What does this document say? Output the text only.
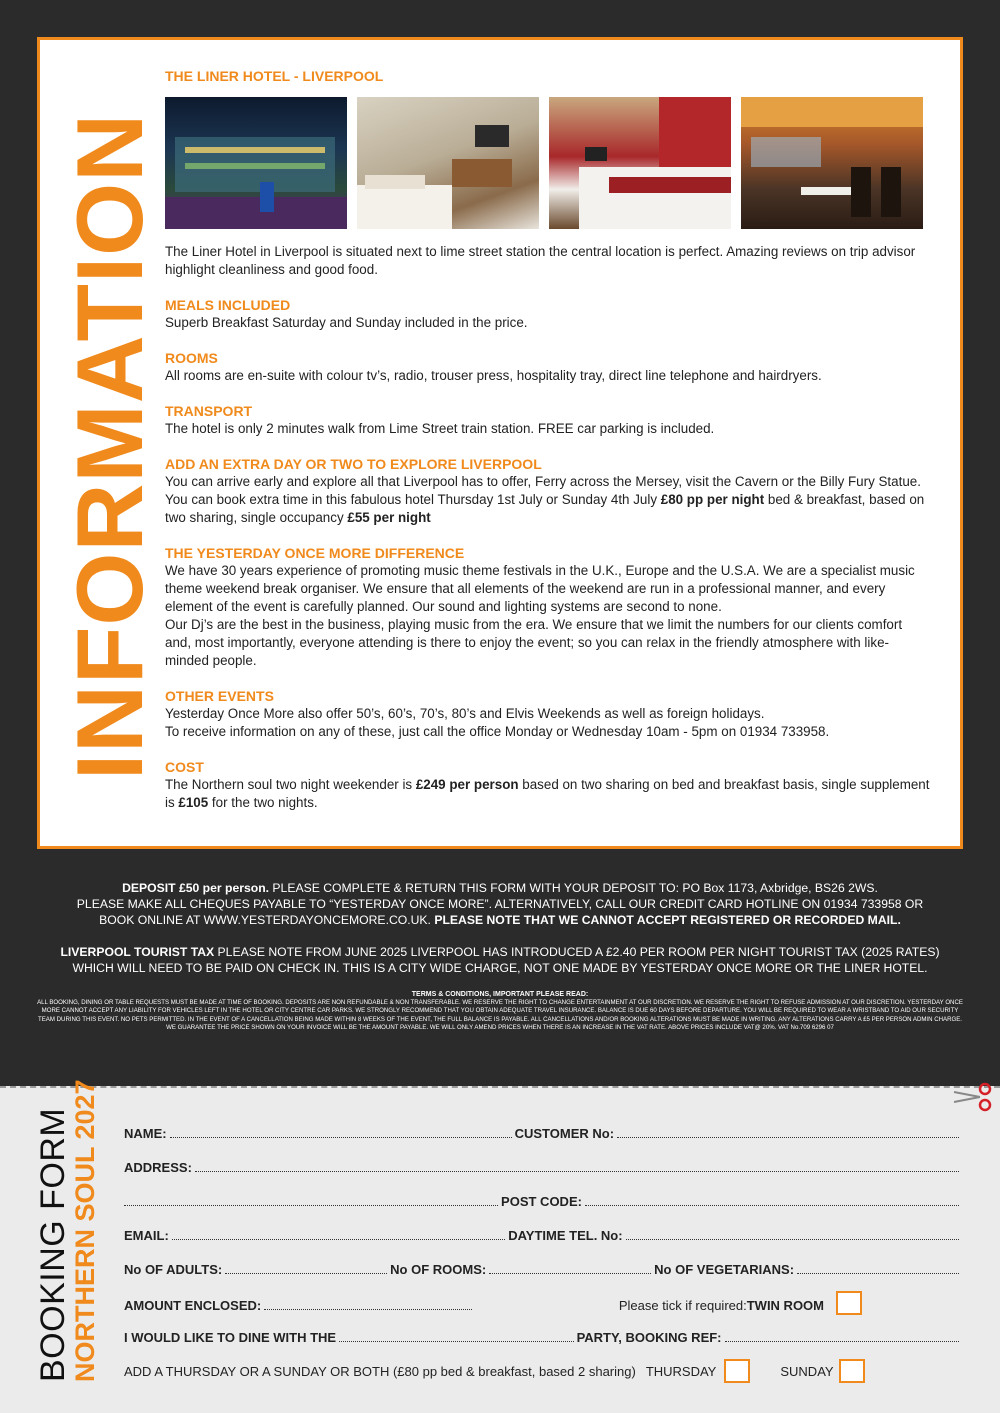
INFORMATION
THE LINER HOTEL - LIVERPOOL

The Liner Hotel in Liverpool is situated next to lime street station the central location is perfect. Amazing reviews on trip advisor highlight cleanliness and good food.

MEALS INCLUDED

Superb Breakfast Saturday and Sunday included in the price.

ROOMS

All rooms are en-suite with colour tv’s, radio, trouser press, hospitality tray, direct line telephone and hairdryers.

TRANSPORT

The hotel is only 2 minutes walk from Lime Street train station. FREE car parking is included.

ADD AN EXTRA DAY OR TWO TO EXPLORE LIVERPOOL

You can arrive early and explore all that Liverpool has to offer, Ferry across the Mersey, visit the Cavern or the Billy Fury Statue. You can book extra time in this fabulous hotel Thursday 1st July or Sunday 4th July £80 pp per night bed & breakfast, based on two sharing, single occupancy £55 per night

THE YESTERDAY ONCE MORE DIFFERENCE

We have 30 years experience of promoting music theme festivals in the U.K., Europe and the U.S.A. We are a specialist music theme weekend break organiser. We ensure that all elements of the weekend are run in a professional manner, and every element of the event is carefully planned. Our sound and lighting systems are second to none.

Our Dj’s are the best in the business, playing music from the era. We ensure that we limit the numbers for our clients comfort and, most importantly, everyone attending is there to enjoy the event; so you can relax in the friendly atmosphere with like-minded people.

OTHER EVENTS

Yesterday Once More also offer 50’s, 60’s, 70’s, 80’s and Elvis Weekends as well as foreign holidays.

To receive information on any of these, just call the office Monday or Wednesday 10am - 5pm on 01934 733958.

COST

The Northern soul two night weekender is £249 per person based on two sharing on bed and breakfast basis, single supplement is £105 for the two nights.

DEPOSIT £50 per person. PLEASE COMPLETE & RETURN THIS FORM WITH YOUR DEPOSIT TO: PO Box 1173, Axbridge, BS26 2WS.
PLEASE MAKE ALL CHEQUES PAYABLE TO “YESTERDAY ONCE MORE”. ALTERNATIVELY, CALL OUR CREDIT CARD HOTLINE ON 01934 733958 OR
BOOK ONLINE AT WWW.YESTERDAYONCEMORE.CO.UK. PLEASE NOTE THAT WE CANNOT ACCEPT REGISTERED OR RECORDED MAIL.
LIVERPOOL TOURIST TAX PLEASE NOTE FROM JUNE 2025 LIVERPOOL HAS INTRODUCED A £2.40 PER ROOM PER NIGHT TOURIST TAX (2025 RATES)
WHICH WILL NEED TO BE PAID ON CHECK IN. THIS IS A CITY WIDE CHARGE, NOT ONE MADE BY YESTERDAY ONCE MORE OR THE LINER HOTEL.
TERMS & CONDITIONS, IMPORTANT PLEASE READ:
ALL BOOKING, DINING OR TABLE REQUESTS MUST BE MADE AT TIME OF BOOKING. DEPOSITS ARE NON REFUNDABLE & NON TRANSFERABLE. WE RESERVE THE RIGHT TO CHANGE ENTERTAINMENT AT OUR DISCRETION. WE RESERVE THE RIGHT TO REFUSE ADMISSION AT OUR DISCRETION. YESTERDAY ONCE MORE CANNOT ACCEPT ANY LIABILITY FOR VEHICLES LEFT IN THE HOTEL OR CITY CENTRE CAR PARKS. WE STRONGLY RECOMMEND THAT YOU OBTAIN ADEQUATE TRAVEL INSURANCE. BALANCE IS DUE 60 DAYS BEFORE DEPARTURE. YOU WILL BE REQUIRED TO WEAR A WRISTBAND TO AID OUR SECURITY TEAM DURING THIS EVENT. NO PETS PERMITTED. IN THE EVENT OF A CANCELLATION BEING MADE WITHIN 8 WEEKS OF THE EVENT, THE FULL BALANCE IS PAYABLE. ALL CANCELLATIONS AND/OR BOOKING ALTERATIONS MUST BE MADE IN WRITING. ANY ALTERATIONS CARRY A £5 PER PERSON ADMIN CHARGE. WE GUARANTEE THE PRICE SHOWN ON YOUR INVOICE WILL BE THE AMOUNT PAYABLE. WE WILL ONLY AMEND PRICES WHEN THERE IS AN INCREASE IN THE VAT RATE. ABOVE PRICES INCLUDE VAT@ 20%. VAT No.709 6296 07
BOOKING FORM
NORTHERN SOUL 2027 NAME:	CUSTOMER No:
ADDRESS:
POST CODE:
EMAIL:	DAYTIME TEL. No:
No OF ADULTS:	No OF ROOMS:	No OF VEGETARIANS:
AMOUNT ENCLOSED:	Please tick if required: TWIN ROOM
I WOULD LIKE TO DINE WITH THE	PARTY, BOOKING REF:
ADD A THURSDAY OR A SUNDAY OR BOTH (£80 pp bed & breakfast, based 2 sharing) THURSDAY	SUNDAY
